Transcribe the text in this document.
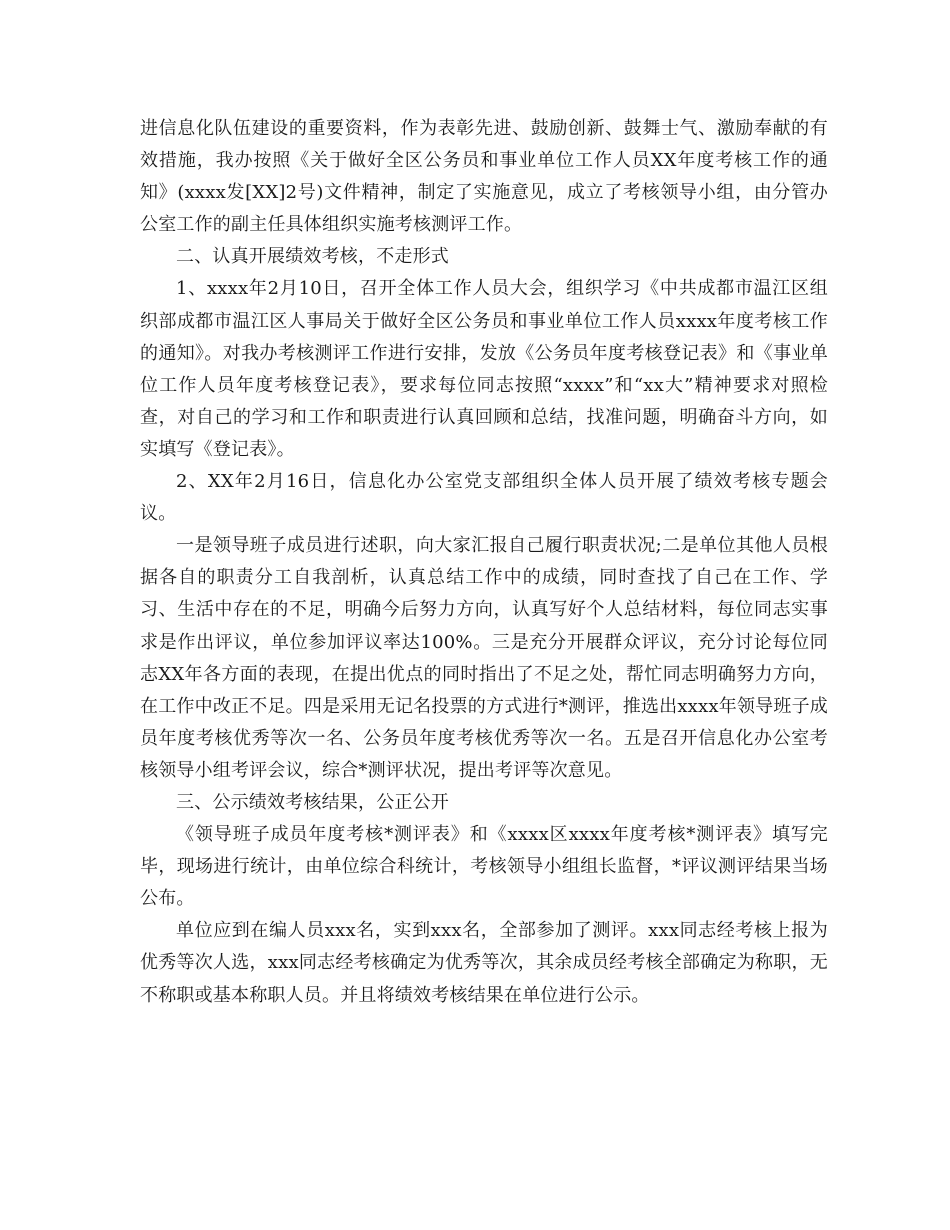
进信息化队伍建设的重要资料，作为表彰先进、鼓励创新、鼓舞士气、激励奉献的有效措施，我办按照《关于做好全区公务员和事业单位工作人员XX年度考核工作的通知》(xxxx发[XX]2号)文件精神，制定了实施意见，成立了考核领导小组，由分管办公室工作的副主任具体组织实施考核测评工作。

二、认真开展绩效考核，不走形式

1、xxxx年2月10日，召开全体工作人员大会，组织学习《中共成都市温江区组织部成都市温江区人事局关于做好全区公务员和事业单位工作人员xxxx年度考核工作的通知》。对我办考核测评工作进行安排，发放《公务员年度考核登记表》和《事业单位工作人员年度考核登记表》，要求每位同志按照“xxxx”和“xx大”精神要求对照检查，对自己的学习和工作和职责进行认真回顾和总结，找准问题，明确奋斗方向，如实填写《登记表》。

2、XX年2月16日，信息化办公室党支部组织全体人员开展了绩效考核专题会议。

一是领导班子成员进行述职，向大家汇报自己履行职责状况;二是单位其他人员根据各自的职责分工自我剖析，认真总结工作中的成绩，同时查找了自己在工作、学习、生活中存在的不足，明确今后努力方向，认真写好个人总结材料，每位同志实事求是作出评议，单位参加评议率达100%。三是充分开展群众评议，充分讨论每位同志XX年各方面的表现，在提出优点的同时指出了不足之处，帮忙同志明确努力方向，在工作中改正不足。四是采用无记名投票的方式进行*测评，推选出xxxx年领导班子成员年度考核优秀等次一名、公务员年度考核优秀等次一名。五是召开信息化办公室考核领导小组考评会议，综合*测评状况，提出考评等次意见。

三、公示绩效考核结果，公正公开

《领导班子成员年度考核*测评表》和《xxxx区xxxx年度考核*测评表》填写完毕，现场进行统计，由单位综合科统计，考核领导小组组长监督，*评议测评结果当场公布。

单位应到在编人员xxx名，实到xxx名，全部参加了测评。xxx同志经考核上报为优秀等次人选，xxx同志经考核确定为优秀等次，其余成员经考核全部确定为称职，无不称职或基本称职人员。并且将绩效考核结果在单位进行公示。
